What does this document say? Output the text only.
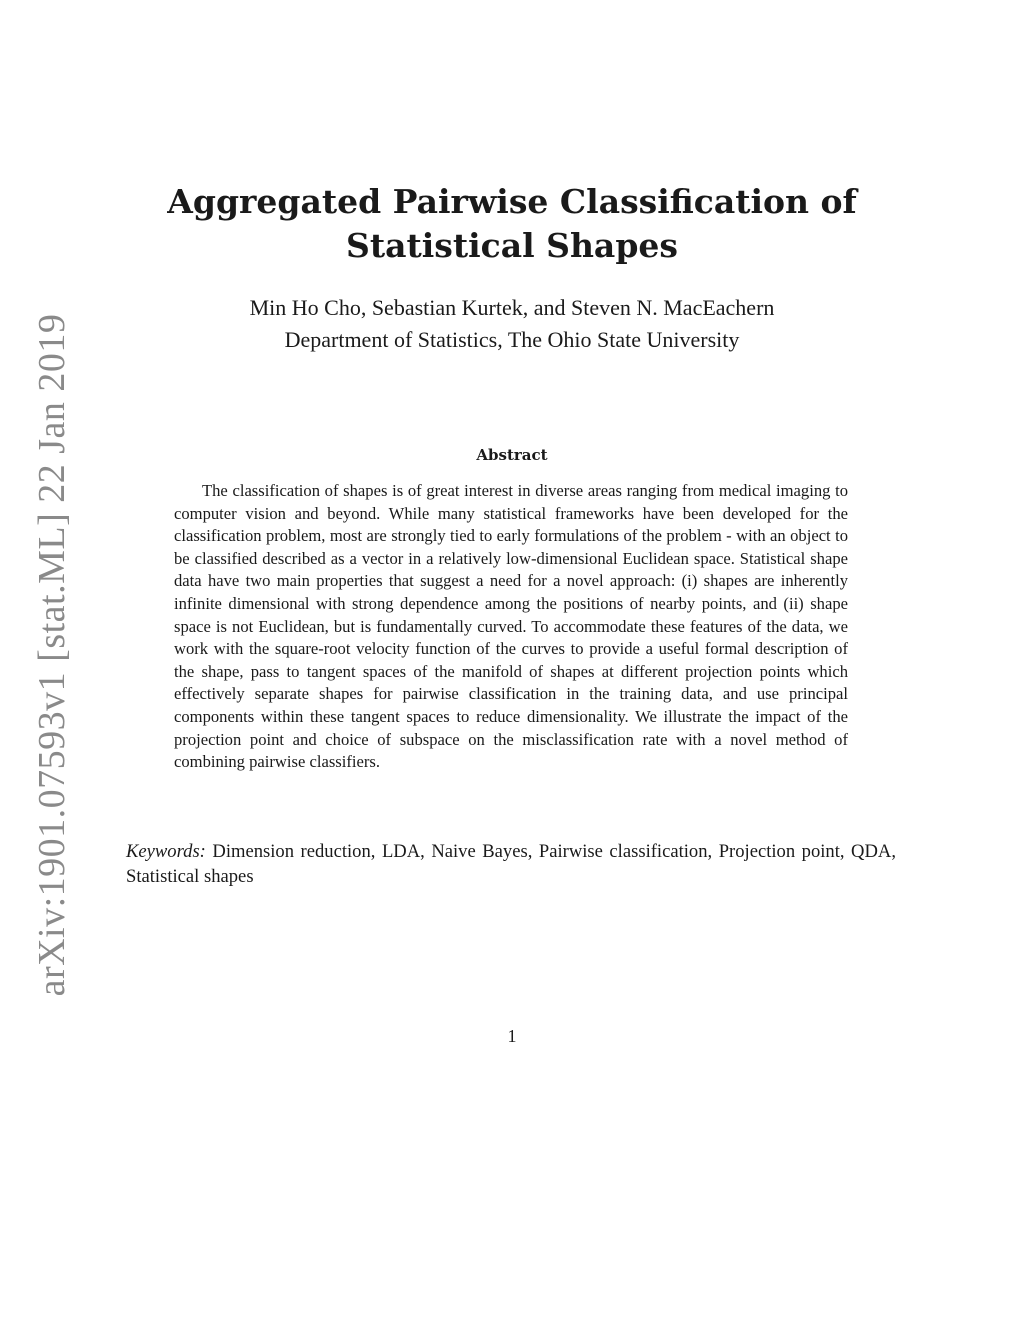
arXiv:1901.07593v1 [stat.ML] 22 Jan 2019
Aggregated Pairwise Classification of
Statistical Shapes
Min Ho Cho, Sebastian Kurtek, and Steven N. MacEachern
Department of Statistics, The Ohio State University
Abstract

The classification of shapes is of great interest in diverse areas ranging from medical imaging to computer vision and beyond. While many statistical frameworks have been developed for the classification problem, most are strongly tied to early formulations of the problem - with an object to be classified described as a vector in a relatively low-dimensional Euclidean space. Statistical shape data have two main properties that suggest a need for a novel approach: (i) shapes are inherently infinite dimensional with strong dependence among the positions of nearby points, and (ii) shape space is not Euclidean, but is fundamentally curved. To accommodate these features of the data, we work with the square-root velocity function of the curves to provide a useful formal description of the shape, pass to tangent spaces of the manifold of shapes at different projection points which effectively separate shapes for pairwise classification in the training data, and use principal components within these tangent spaces to reduce dimensionality. We illustrate the impact of the projection point and choice of subspace on the misclassification rate with a novel method of combining pairwise classifiers.

Keywords: Dimension reduction, LDA, Naive Bayes, Pairwise classification, Projection point, QDA, Statistical shapes

1
